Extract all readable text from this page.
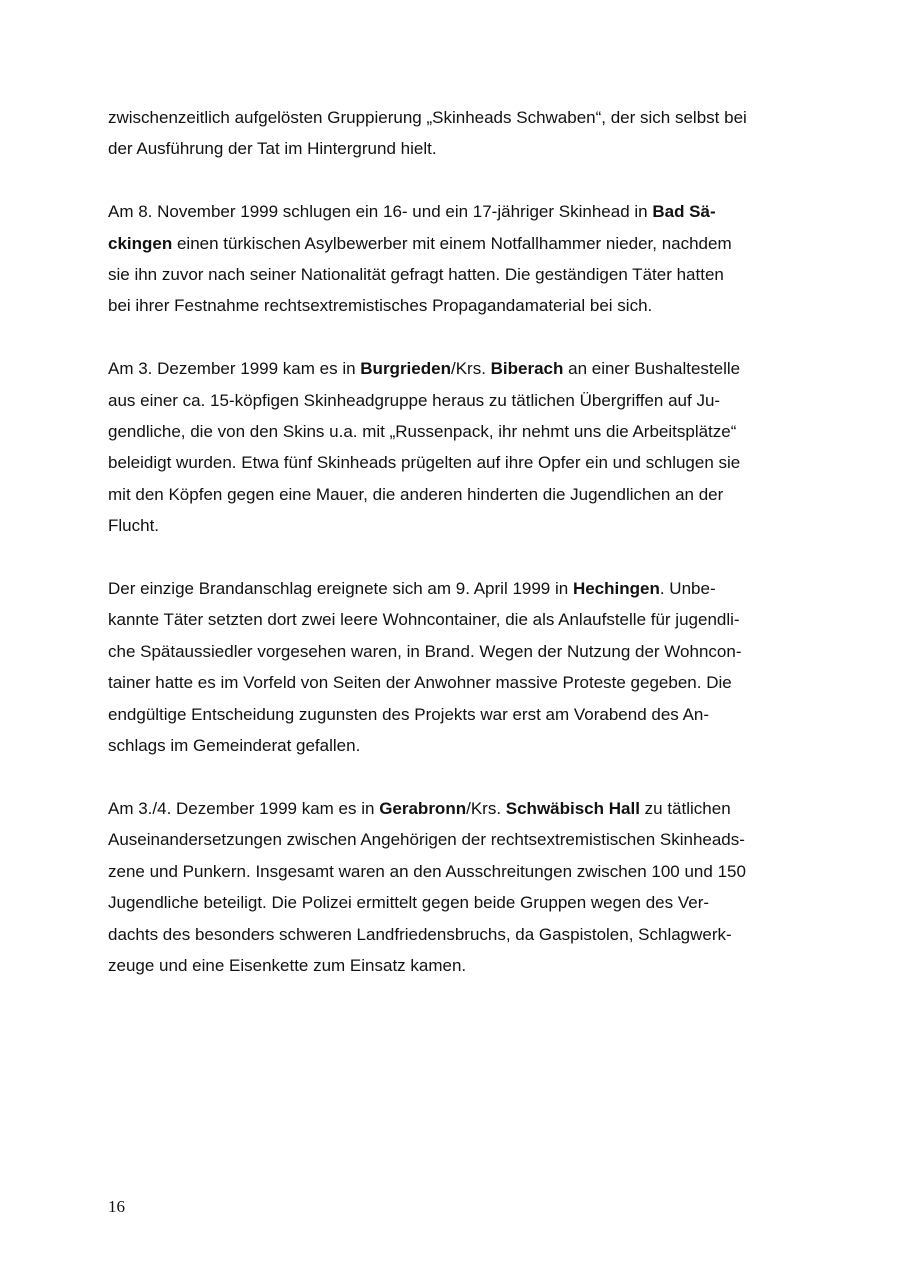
zwischenzeitlich aufgelösten Gruppierung „Skinheads Schwaben“, der sich selbst bei
der Ausführung der Tat im Hintergrund hielt.
Am 8. November 1999 schlugen ein 16- und ein 17-jähriger Skinhead in Bad Sä-
ckingen einen türkischen Asylbewerber mit einem Notfallhammer nieder, nachdem
sie ihn zuvor nach seiner Nationalität gefragt hatten. Die geständigen Täter hatten
bei ihrer Festnahme rechtsextremistisches Propagandamaterial bei sich.
Am 3. Dezember 1999 kam es in Burgrieden/Krs. Biberach an einer Bushaltestelle
aus einer ca. 15-köpfigen Skinheadgruppe heraus zu tätlichen Übergriffen auf Ju-
gendliche, die von den Skins u.a. mit „Russenpack, ihr nehmt uns die Arbeitsplätze“
beleidigt wurden. Etwa fünf Skinheads prügelten auf ihre Opfer ein und schlugen sie
mit den Köpfen gegen eine Mauer, die anderen hinderten die Jugendlichen an der
Flucht.
Der einzige Brandanschlag ereignete sich am 9. April 1999 in Hechingen. Unbe-
kannte Täter setzten dort zwei leere Wohncontainer, die als Anlaufstelle für jugendli-
che Spätaussiedler vorgesehen waren, in Brand. Wegen der Nutzung der Wohncon-
tainer hatte es im Vorfeld von Seiten der Anwohner massive Proteste gegeben. Die
endgültige Entscheidung zugunsten des Projekts war erst am Vorabend des An-
schlags im Gemeinderat gefallen.
Am 3./4. Dezember 1999 kam es in Gerabronn/Krs. Schwäbisch Hall zu tätlichen
Auseinandersetzungen zwischen Angehörigen der rechtsextremistischen Skinheads-
zene und Punkern. Insgesamt waren an den Ausschreitungen zwischen 100 und 150
Jugendliche beteiligt. Die Polizei ermittelt gegen beide Gruppen wegen des Ver-
dachts des besonders schweren Landfriedensbruchs, da Gaspistolen, Schlagwerk-
zeuge und eine Eisenkette zum Einsatz kamen.
16
